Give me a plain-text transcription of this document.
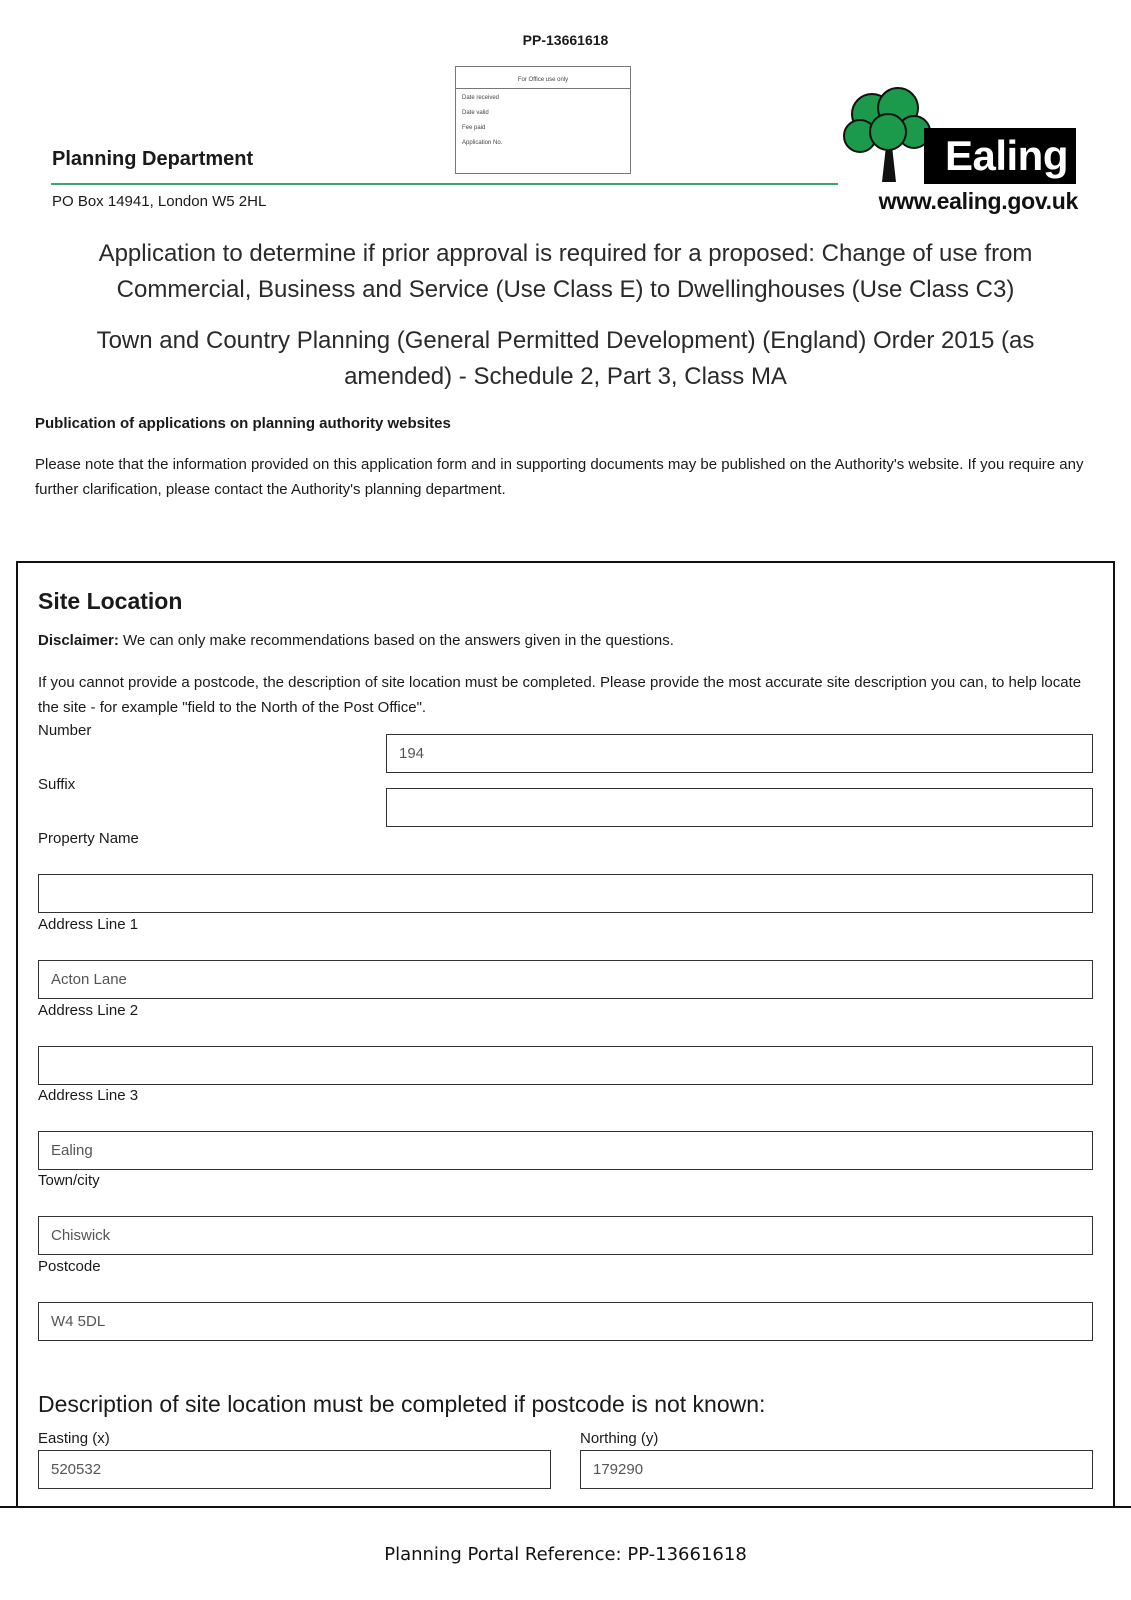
PP-13661618
For Office use only
Date received
Date valid
Fee paid
Application No.
Planning Department
PO Box 14941, London W5 2HL
Ealing
www.ealing.gov.uk
Application to determine if prior approval is required for a proposed: Change of use from Commercial, Business and Service (Use Class E) to Dwellinghouses (Use Class C3)
Town and Country Planning (General Permitted Development) (England) Order 2015 (as amended) - Schedule 2, Part 3, Class MA
Publication of applications on planning authority websites
Please note that the information provided on this application form and in supporting documents may be published on the Authority's website. If you require any further clarification, please contact the Authority's planning department.
Site Location
Disclaimer: We can only make recommendations based on the answers given in the questions.
If you cannot provide a postcode, the description of site location must be completed. Please provide the most accurate site description you can, to help locate the site - for example "field to the North of the Post Office".
Number
194
Suffix
Property Name
Address Line 1
Acton Lane
Address Line 2
Address Line 3
Ealing
Town/city
Chiswick
Postcode
W4 5DL
Description of site location must be completed if postcode is not known:
Easting (x)
520532
Northing (y)
179290
Planning Portal Reference: PP-13661618
